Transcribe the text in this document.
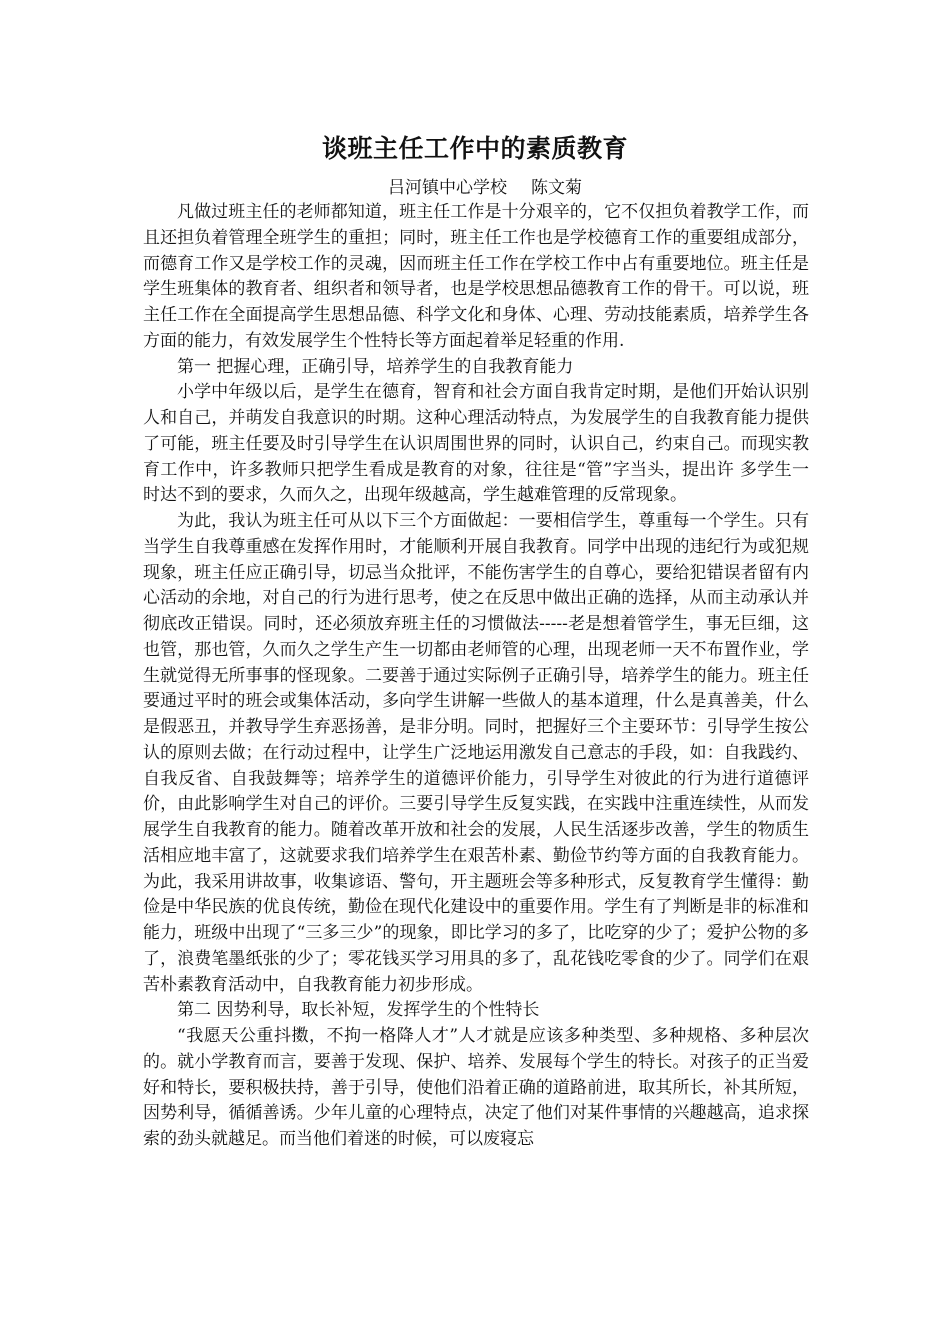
谈班主任工作中的素质教育
吕河镇中心学校 陈文菊

凡做过班主任的老师都知道，班主任工作是十分艰辛的，它不仅担负着教学工作，而且还担负着管理全班学生的重担；同时，班主任工作也是学校德育工作的重要组成部分，而德育工作又是学校工作的灵魂，因而班主任工作在学校工作中占有重要地位。班主任是学生班集体的教育者、组织者和领导者，也是学校思想品德教育工作的骨干。可以说，班主任工作在全面提高学生思想品德、科学文化和身体、心理、劳动技能素质，培养学生各方面的能力，有效发展学生个性特长等方面起着举足轻重的作用.

第一 把握心理，正确引导，培养学生的自我教育能力

小学中年级以后，是学生在德育，智育和社会方面自我肯定时期，是他们开始认识别人和自己，并萌发自我意识的时期。这种心理活动特点，为发展学生的自我教育能力提供了可能，班主任要及时引导学生在认识周围世界的同时，认识自己，约束自己。而现实教育工作中，许多教师只把学生看成是教育的对象，往往是“管”字当头，提出许 多学生一时达不到的要求，久而久之，出现年级越高，学生越难管理的反常现象。

为此，我认为班主任可从以下三个方面做起：一要相信学生，尊重每一个学生。只有当学生自我尊重感在发挥作用时，才能顺利开展自我教育。同学中出现的违纪行为或犯规现象，班主任应正确引导，切忌当众批评，不能伤害学生的自尊心，要给犯错误者留有内心活动的余地，对自己的行为进行思考，使之在反思中做出正确的选择，从而主动承认并彻底改正错误。同时，还必须放弃班主任的习惯做法-----老是想着管学生，事无巨细，这也管，那也管，久而久之学生产生一切都由老师管的心理，出现老师一天不布置作业，学生就觉得无所事事的怪现象。二要善于通过实际例子正确引导，培养学生的能力。班主任要通过平时的班会或集体活动，多向学生讲解一些做人的基本道理，什么是真善美，什么是假恶丑，并教导学生弃恶扬善，是非分明。同时，把握好三个主要环节：引导学生按公认的原则去做；在行动过程中，让学生广泛地运用激发自己意志的手段，如：自我践约、自我反省、自我鼓舞等；培养学生的道德评价能力，引导学生对彼此的行为进行道德评价，由此影响学生对自己的评价。三要引导学生反复实践，在实践中注重连续性，从而发展学生自我教育的能力。随着改革开放和社会的发展，人民生活逐步改善，学生的物质生活相应地丰富了，这就要求我们培养学生在艰苦朴素、勤俭节约等方面的自我教育能力。为此，我采用讲故事，收集谚语、警句，开主题班会等多种形式，反复教育学生懂得：勤俭是中华民族的优良传统，勤俭在现代化建设中的重要作用。学生有了判断是非的标准和能力，班级中出现了“三多三少”的现象，即比学习的多了，比吃穿的少了；爱护公物的多了，浪费笔墨纸张的少了；零花钱买学习用具的多了，乱花钱吃零食的少了。同学们在艰苦朴素教育活动中，自我教育能力初步形成。

第二 因势利导，取长补短，发挥学生的个性特长

“我愿天公重抖擞，不拘一格降人才”人才就是应该多种类型、多种规格、多种层次的。就小学教育而言，要善于发现、保护、培养、发展每个学生的特长。对孩子的正当爱好和特长，要积极扶持，善于引导，使他们沿着正确的道路前进，取其所长，补其所短，因势利导，循循善诱。少年儿童的心理特点，决定了他们对某件事情的兴趣越高，追求探索的劲头就越足。而当他们着迷的时候，可以废寝忘
